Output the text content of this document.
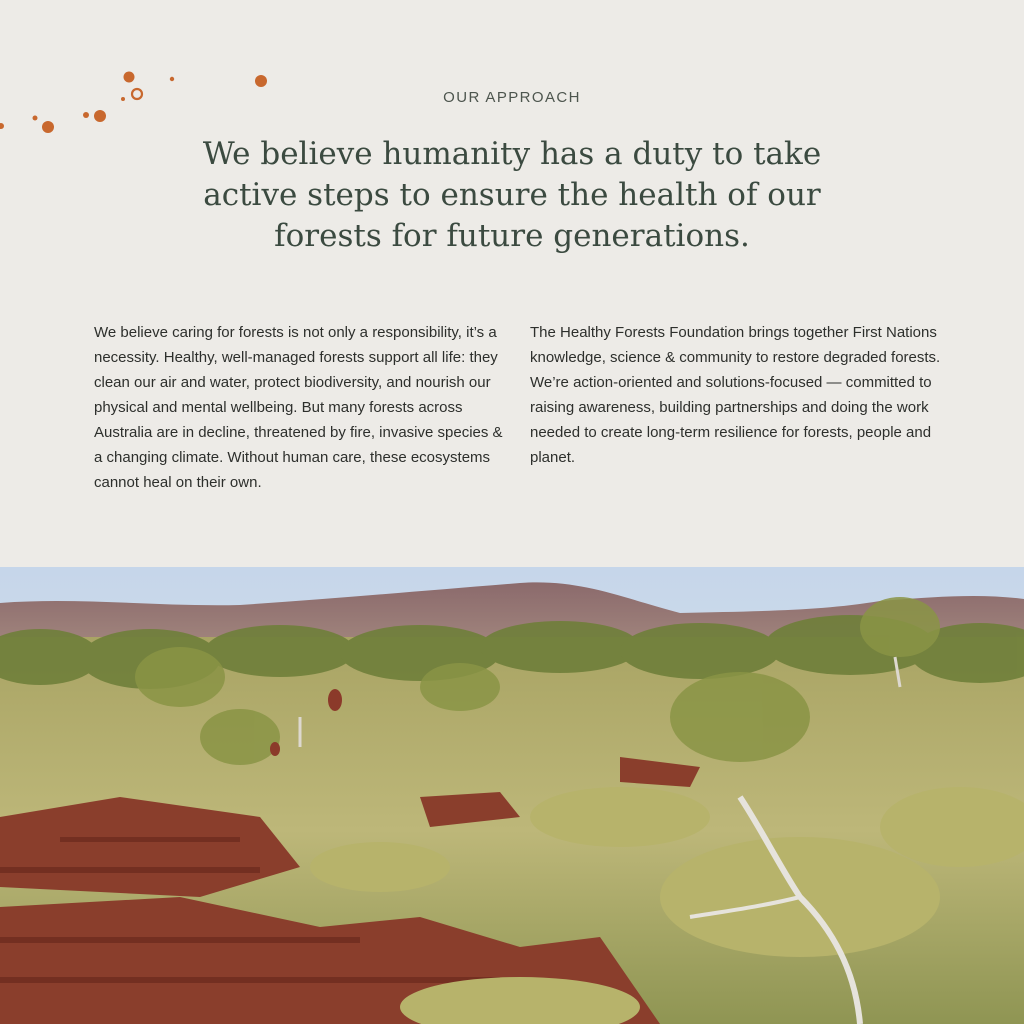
OUR APPROACH
We believe humanity has a duty to take active steps to ensure the health of our forests for future generations.

We believe caring for forests is not only a responsibility, it’s a necessity. Healthy, well-managed forests support all life: they clean our air and water, protect biodiversity, and nourish our physical and mental wellbeing. But many forests across Australia are in decline, threatened by fire, invasive species & a changing climate. Without human care, these ecosystems cannot heal on their own.

The Healthy Forests Foundation brings together First Nations knowledge, science & community to restore degraded forests. We’re action-oriented and solutions-focused — committed to raising awareness, building partnerships and doing the work needed to create long-term resilience for forests, people and planet.
